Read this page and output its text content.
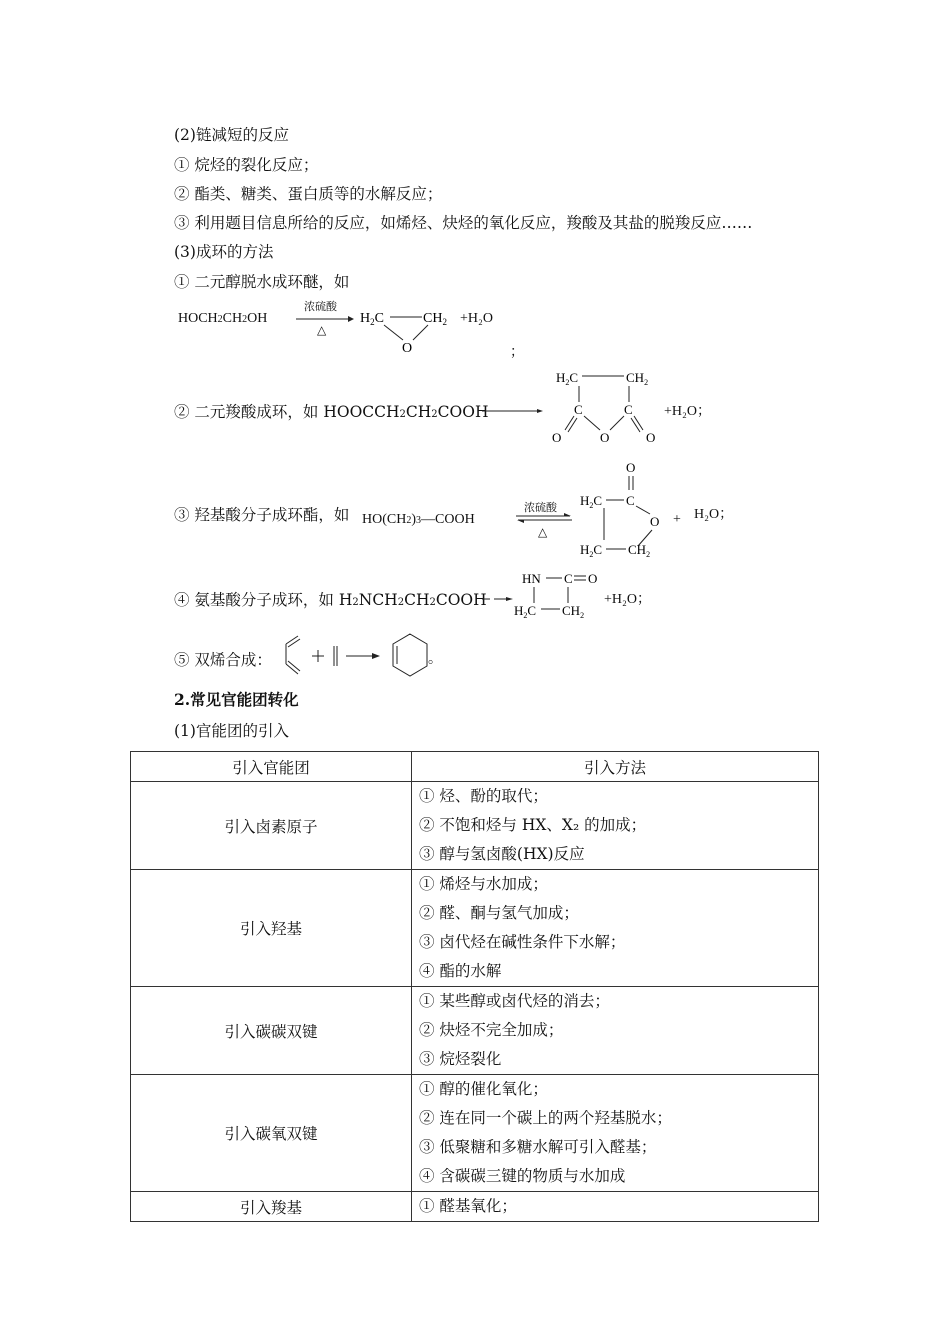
(2)链减短的反应
① 烷烃的裂化反应；
② 酯类、糖类、蛋白质等的水解反应；
③ 利用题目信息所给的反应，如烯烃、炔烃的氧化反应，羧酸及其盐的脱羧反应……
(3)成环的方法
① 二元醇脱水成环醚，如
HOCH2CH2OH
浓硫酸
△
$H_2C$	$CH_2$
O
+H₂O
；
② 二元羧酸成环，如 HOOCCH2CH2COOH
$H_2C$	$CH_2$
C	C
O	O	O
+H₂O；
③ 羟基酸分子成环酯，如 HO(CH2)3—COOH
浓硫酸
△
O
$H_2C$ C
O
$H_2C$ $CH_2$
+ H₂O；
④ 氨基酸分子成环，如 H2NCH2CH2COOH
HN C O
$H_2C$ $CH_2$
+H₂O；
⑤ 双烯合成：	。
2.常见官能团转化
(1)官能团的引入
引入官能团	引入方法
引入卤素原子	① 烃、酚的取代；
② 不饱和烃与 HX、X₂ 的加成；
③ 醇与氢卤酸(HX)反应

引入羟基	① 烯烃与水加成；
② 醛、酮与氢气加成；
③ 卤代烃在碱性条件下水解；
④ 酯的水解

引入碳碳双键	① 某些醇或卤代烃的消去；
② 炔烃不完全加成；
③ 烷烃裂化

引入碳氧双键	① 醇的催化氧化；
② 连在同一个碳上的两个羟基脱水；
③ 低聚糖和多糖水解可引入醛基；
④ 含碳碳三键的物质与水加成

引入羧基	① 醛基氧化；
